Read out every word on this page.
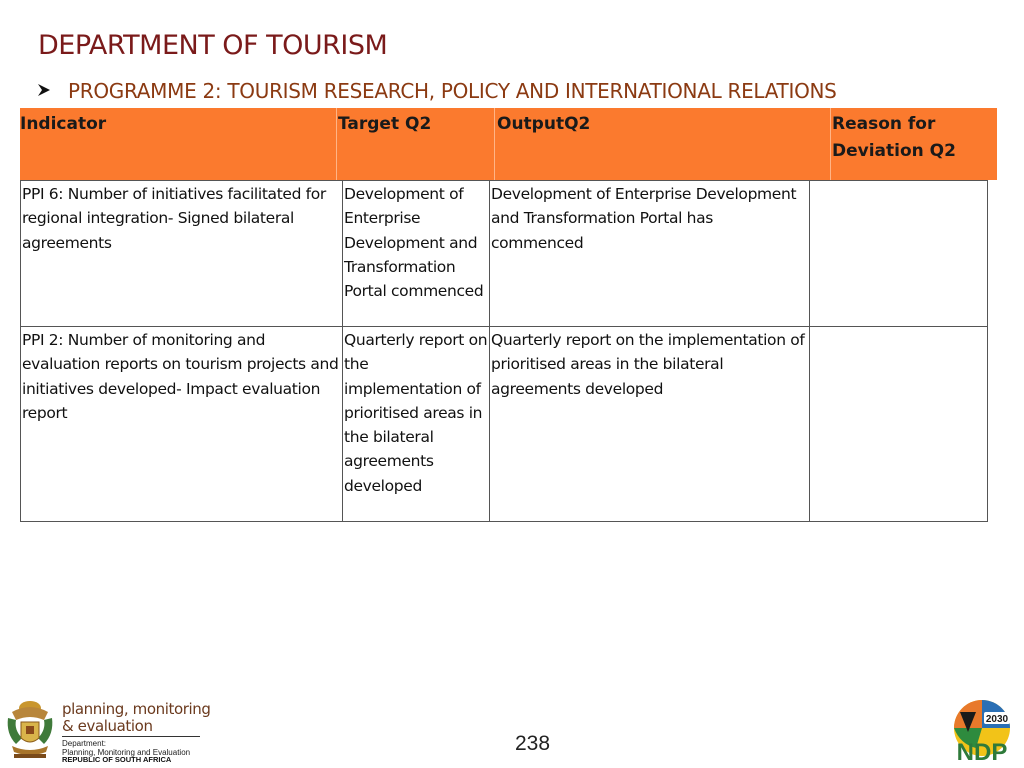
DEPARTMENT OF TOURISM
PROGRAMME 2: TOURISM RESEARCH, POLICY AND INTERNATIONAL RELATIONS
Indicator	Target Q2	OutputQ2	Reason for Deviation Q2
PPI 6: Number of initiatives facilitated for regional integration- Signed bilateral agreements	Development of Enterprise Development and Transformation Portal commenced	Development of Enterprise Development and Transformation Portal has commenced	
PPI 2: Number of monitoring and evaluation reports on tourism projects and initiatives developed- Impact evaluation report	Quarterly report on the implementation of prioritised areas in the bilateral agreements developed	Quarterly report on the implementation of prioritised areas in the bilateral agreements developed	
238
planning, monitoring
& evaluation
Department:
Planning, Monitoring and Evaluation
REPUBLIC OF SOUTH AFRICA
2030
NDP
